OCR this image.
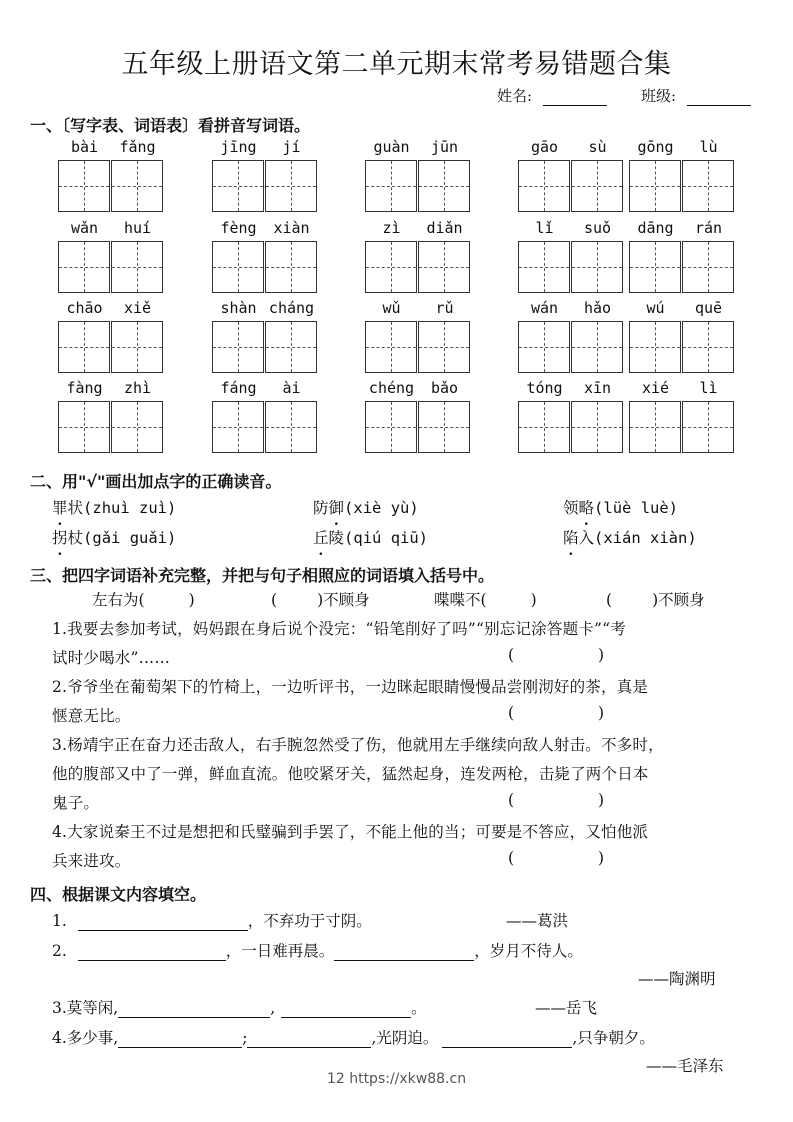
五年级上册语文第二单元期末常考易错题合集
姓名:	班级:
一、〔写字表、词语表〕看拼音写词语。
bài	fǎng	jīng	jí	guàn	jūn	gāo	sù	gōng	lù
wǎn	huí	fèng	xiàn	zì	diǎn	lǐ	suǒ	dāng	rán
chāo	xiě	shàn cháng	wǔ	rǔ	wán	hǎo	wú	quē
fàng	zhì	fáng	ài	chéng	bǎo	tóng	xīn	xié	lì
二、用"√"画出加点字的正确读音。
罪状(zhuì zuì)	防御(xiè yù)	领略(lüè luè)
拐杖(gǎi guǎi)	丘陵(qiú qiū)	陷入(xián xiàn)
三、把四字词语补充完整，并把与句子相照应的词语填入括号中。
左右为(	)	(	)不顾身	喋喋不(	)	(	)不顾身
1.我要去参加考试，妈妈跟在身后说个没完：“铅笔削好了吗”“别忘记涂答题卡”“考
试时少喝水”……	(	)
2.爷爷坐在葡萄架下的竹椅上，一边听评书，一边眯起眼睛慢慢品尝刚沏好的茶，真是
惬意无比。	(	)
3.杨靖宇正在奋力还击敌人，右手腕忽然受了伤，他就用左手继续向敌人射击。不多时，
他的腹部又中了一弹，鲜血直流。他咬紧牙关，猛然起身，连发两枪，击毙了两个日本
鬼子。	(	)
4.大家说秦王不过是想把和氏璧骗到手罢了，不能上他的当；可要是不答应，又怕他派
兵来进攻。	(	)
四、根据课文内容填空。
1.	，不弃功于寸阴。	——葛洪
2.	，一日难再晨。	，岁月不待人。
——陶渊明
3.莫等闲,	,	。	——岳飞
4.多少事,	;	,光阴迫。	,只争朝夕。
——毛泽东
12 https://xkw88.cn
